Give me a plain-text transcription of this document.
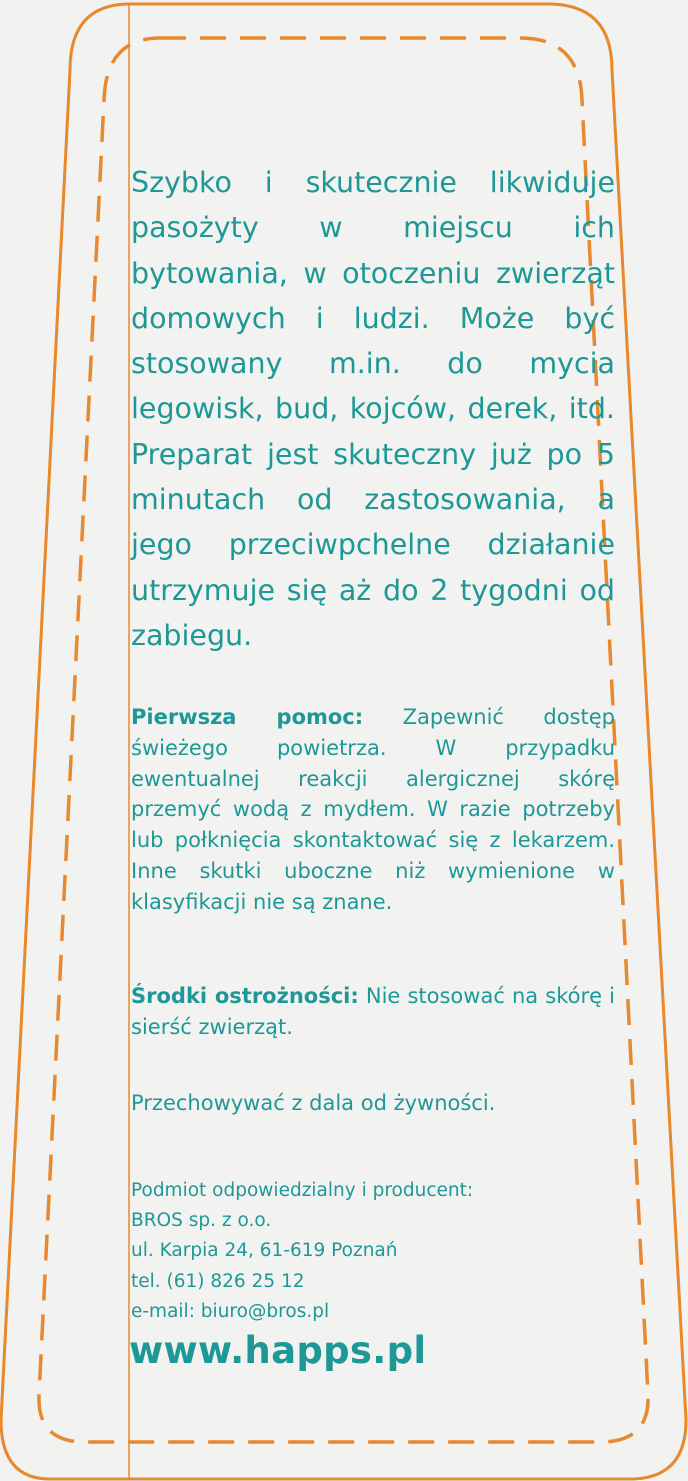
Szybko i skutecznie likwiduje pasożyty w miejscu ich bytowania, w otoczeniu zwierząt domowych i ludzi. Może być stosowany m.in. do mycia legowisk, bud, kojców, derek, itd. Preparat jest skuteczny już po 5 minutach od zastosowania, a jego przeciwpchelne działanie utrzymuje się aż do 2 tygodni od zabiegu.
Pierwsza pomoc: Zapewnić dostęp świeżego powietrza. W przypadku ewentualnej reakcji alergicznej skórę przemyć wodą z mydłem. W razie potrzeby lub połknięcia skontaktować się z lekarzem. Inne skutki uboczne niż wymienione w klasyfikacji nie są znane.
Środki ostrożności: Nie stosować na skórę i sierść zwierząt.
Przechowywać z dala od żywności.
Podmiot odpowiedzialny i producent:
BROS sp. z o.o.
ul. Karpia 24, 61-619 Poznań
tel. (61) 826 25 12
e-mail: biuro@bros.pl
www.happs.pl
